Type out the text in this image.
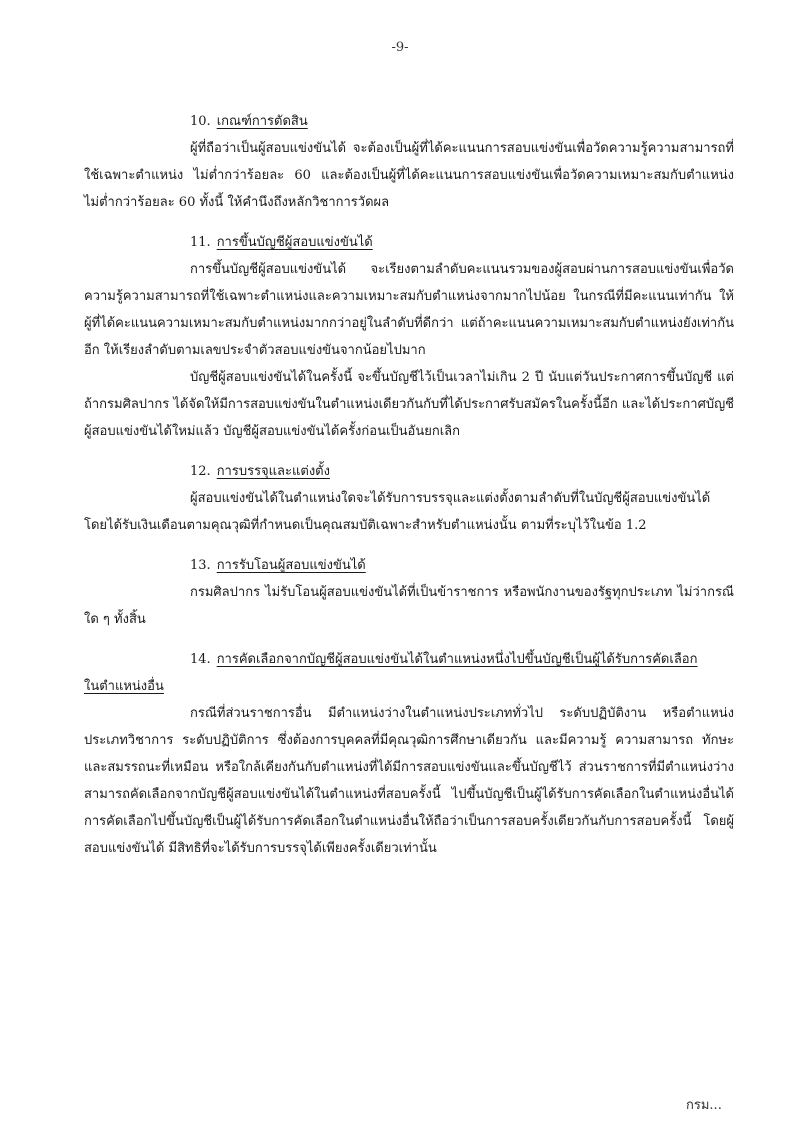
-9-
10. เกณฑ์การตัดสิน

ผู้ที่ถือว่าเป็นผู้สอบแข่งขันได้ จะต้องเป็นผู้ที่ได้คะแนนการสอบแข่งขันเพื่อวัดความรู้ความสามารถที่ใช้เฉพาะตำแหน่ง ไม่ต่ำกว่าร้อยละ 60 และต้องเป็นผู้ที่ได้คะแนนการสอบแข่งขันเพื่อวัดความเหมาะสมกับตำแหน่ง ไม่ต่ำกว่าร้อยละ 60 ทั้งนี้ ให้คำนึงถึงหลักวิชาการวัดผล

11. การขึ้นบัญชีผู้สอบแข่งขันได้

การขึ้นบัญชีผู้สอบแข่งขันได้ จะเรียงตามลำดับคะแนนรวมของผู้สอบผ่านการสอบแข่งขันเพื่อวัดความรู้ความสามารถที่ใช้เฉพาะตำแหน่งและความเหมาะสมกับตำแหน่งจากมากไปน้อย ในกรณีที่มีคะแนนเท่ากัน ให้ผู้ที่ได้คะแนนความเหมาะสมกับตำแหน่งมากกว่าอยู่ในลำดับที่ดีกว่า แต่ถ้าคะแนนความเหมาะสมกับตำแหน่งยังเท่ากันอีก ให้เรียงลำดับตามเลขประจำตัวสอบแข่งขันจากน้อยไปมาก

บัญชีผู้สอบแข่งขันได้ในครั้งนี้ จะขึ้นบัญชีไว้เป็นเวลาไม่เกิน 2 ปี นับแต่วันประกาศการขึ้นบัญชี แต่ถ้ากรมศิลปากร ได้จัดให้มีการสอบแข่งขันในตำแหน่งเดียวกันกับที่ได้ประกาศรับสมัครในครั้งนี้อีก และได้ประกาศบัญชีผู้สอบแข่งขันได้ใหม่แล้ว บัญชีผู้สอบแข่งขันได้ครั้งก่อนเป็นอันยกเลิก

12. การบรรจุและแต่งตั้ง

ผู้สอบแข่งขันได้ในตำแหน่งใดจะได้รับการบรรจุและแต่งตั้งตามลำดับที่ในบัญชีผู้สอบแข่งขันได้ โดยได้รับเงินเดือนตามคุณวุฒิที่กำหนดเป็นคุณสมบัติเฉพาะสำหรับตำแหน่งนั้น ตามที่ระบุไว้ในข้อ 1.2

13. การรับโอนผู้สอบแข่งขันได้

กรมศิลปากร ไม่รับโอนผู้สอบแข่งขันได้ที่เป็นข้าราชการ หรือพนักงานของรัฐทุกประเภท ไม่ว่ากรณีใด ๆ ทั้งสิ้น

14. การคัดเลือกจากบัญชีผู้สอบแข่งขันได้ในตำแหน่งหนึ่งไปขึ้นบัญชีเป็นผู้ได้รับการคัดเลือก
ในตำแหน่งอื่น

กรณีที่ส่วนราชการอื่น มีตำแหน่งว่างในตำแหน่งประเภททั่วไป ระดับปฏิบัติงาน หรือตำแหน่งประเภทวิชาการ ระดับปฏิบัติการ ซึ่งต้องการบุคคลที่มีคุณวุฒิการศึกษาเดียวกัน และมีความรู้ ความสามารถ ทักษะ และสมรรถนะที่เหมือน หรือใกล้เคียงกันกับตำแหน่งที่ได้มีการสอบแข่งขันและขึ้นบัญชีไว้ ส่วนราชการที่มีตำแหน่งว่าง สามารถคัดเลือกจากบัญชีผู้สอบแข่งขันได้ในตำแหน่งที่สอบครั้งนี้ ไปขึ้นบัญชีเป็นผู้ได้รับการคัดเลือกในตำแหน่งอื่นได้ การคัดเลือกไปขึ้นบัญชีเป็นผู้ได้รับการคัดเลือกในตำแหน่งอื่นให้ถือว่าเป็นการสอบครั้งเดียวกันกับการสอบครั้งนี้ โดยผู้สอบแข่งขันได้ มีสิทธิที่จะได้รับการบรรจุได้เพียงครั้งเดียวเท่านั้น

กรม...
